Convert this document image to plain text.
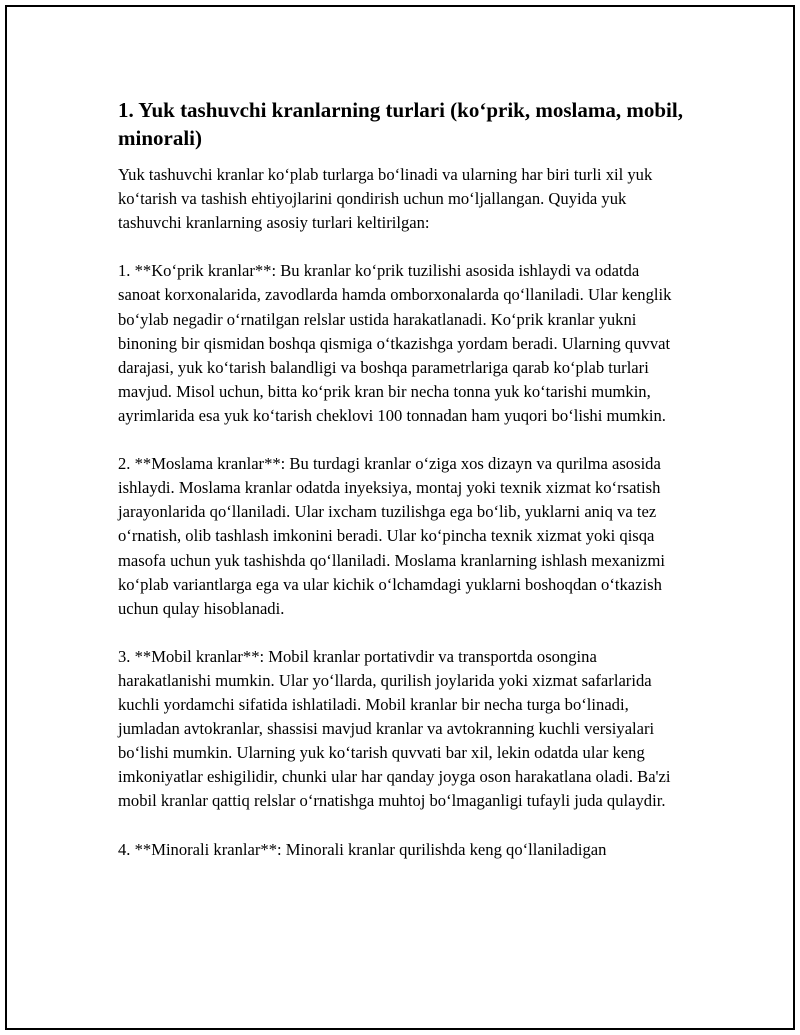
1. Yuk tashuvchi kranlarning turlari (ko‘prik, moslama, mobil, minorali)

Yuk tashuvchi kranlar ko‘plab turlarga bo‘linadi va ularning har biri turli xil yuk ko‘tarish va tashish ehtiyojlarini qondirish uchun mo‘ljallangan. Quyida yuk tashuvchi kranlarning asosiy turlari keltirilgan:

1. **Ko‘prik kranlar**: Bu kranlar ko‘prik tuzilishi asosida ishlaydi va odatda sanoat korxonalarida, zavodlarda hamda omborxonalarda qo‘llaniladi. Ular kenglik bo‘ylab negadir o‘rnatilgan relslar ustida harakatlanadi. Ko‘prik kranlar yukni binoning bir qismidan boshqa qismiga o‘tkazishga yordam beradi. Ularning quvvat darajasi, yuk ko‘tarish balandligi va boshqa parametrlariga qarab ko‘plab turlari mavjud. Misol uchun, bitta ko‘prik kran bir necha tonna yuk ko‘tarishi mumkin, ayrimlarida esa yuk ko‘tarish cheklovi 100 tonnadan ham yuqori bo‘lishi mumkin.

2. **Moslama kranlar**: Bu turdagi kranlar o‘ziga xos dizayn va qurilma asosida ishlaydi. Moslama kranlar odatda inyeksiya, montaj yoki texnik xizmat ko‘rsatish jarayonlarida qo‘llaniladi. Ular ixcham tuzilishga ega bo‘lib, yuklarni aniq va tez o‘rnatish, olib tashlash imkonini beradi. Ular ko‘pincha texnik xizmat yoki qisqa masofa uchun yuk tashishda qo‘llaniladi. Moslama kranlarning ishlash mexanizmi ko‘plab variantlarga ega va ular kichik o‘lchamdagi yuklarni boshoqdan o‘tkazish uchun qulay hisoblanadi.

3. **Mobil kranlar**: Mobil kranlar portativdir va transportda osongina harakatlanishi mumkin. Ular yo‘llarda, qurilish joylarida yoki xizmat safarlarida kuchli yordamchi sifatida ishlatiladi. Mobil kranlar bir necha turga bo‘linadi, jumladan avtokranlar, shassisi mavjud kranlar va avtokranning kuchli versiyalari bo‘lishi mumkin. Ularning yuk ko‘tarish quvvati bar xil, lekin odatda ular keng imkoniyatlar eshigilidir, chunki ular har qanday joyga oson harakatlana oladi. Ba'zi mobil kranlar qattiq relslar o‘rnatishga muhtoj bo‘lmaganligi tufayli juda qulaydir.

4. **Minorali kranlar**: Minorali kranlar qurilishda keng qo‘llaniladigan
